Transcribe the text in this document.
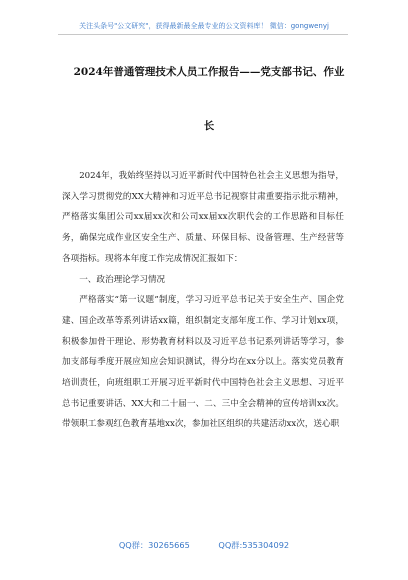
关注头条号"公文研究"，获得最新最全最专业的公文资料库！ 微信：gongwenyj
2024年普通管理技术人员工作报告——党支部书记、作业
长

2024年，我始终坚持以习近平新时代中国特色社会主义思想为指导，深入学习贯彻党的XX大精神和习近平总书记视察甘肃重要指示批示精神，严格落实集团公司xx届xx次和公司xx届xx次职代会的工作思路和目标任务，确保完成作业区安全生产、质量、环保目标、设备管理、生产经营等各项指标。现将本年度工作完成情况汇报如下：

一、政治理论学习情况

严格落实“第一议题”制度，学习习近平总书记关于安全生产、国企党建、国企改革等系列讲话xx篇，组织制定支部年度工作、学习计划xx项，积极参加骨干理论、形势教育材料以及习近平总书记系列讲话等学习，参加支部每季度开展应知应会知识测试，得分均在xx分以上。落实党员教育培训责任，向班组职工开展习近平新时代中国特色社会主义思想、习近平总书记重要讲话、XX大和二十届一、二、三中全会精神的宣传培训xx次。带领职工参观红色教育基地xx次，参加社区组织的共建活动xx次，送心职

QQ群：30265665	QQ群:535304092
